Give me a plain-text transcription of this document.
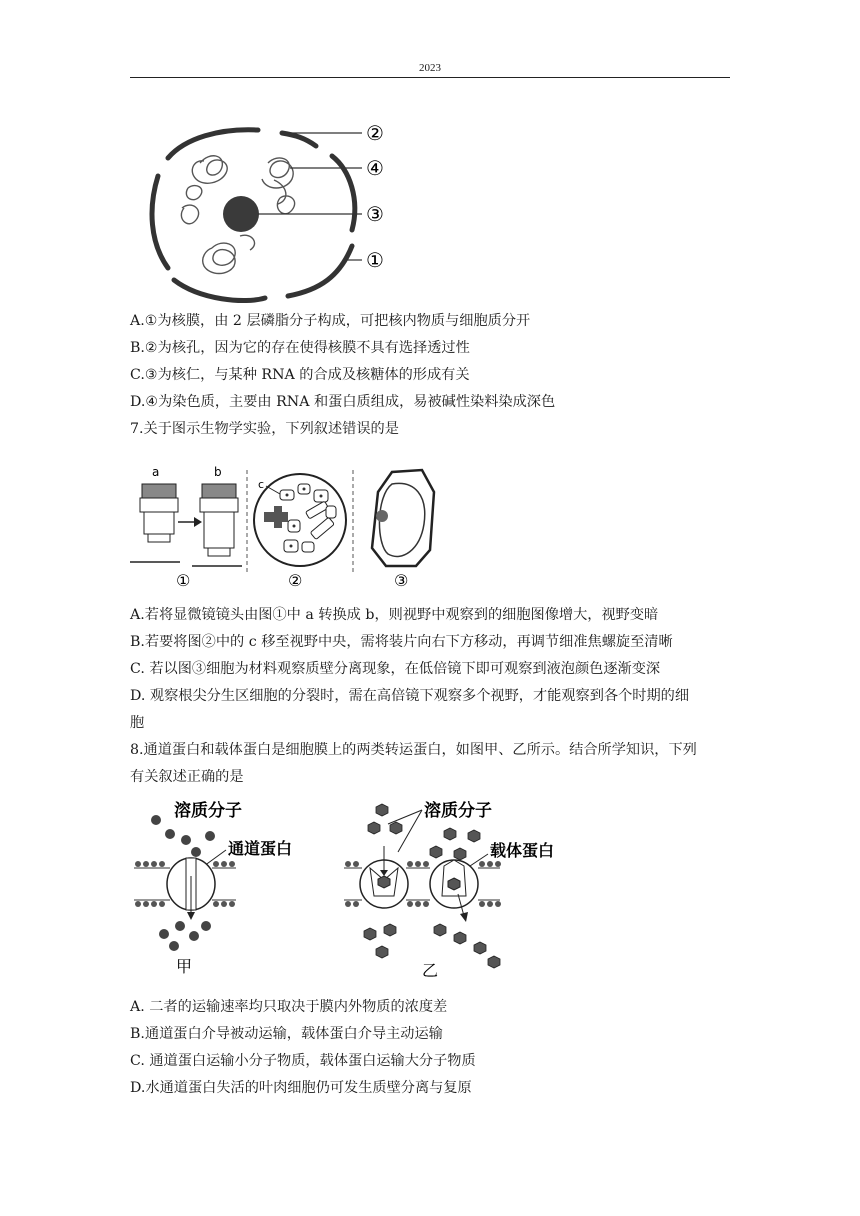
2023
②
④
③
①
A.①为核膜，由 2 层磷脂分子构成，可把核内物质与细胞质分开
B.②为核孔，因为它的存在使得核膜不具有选择透过性
C.③为核仁，与某种 RNA 的合成及核糖体的形成有关
D.④为染色质，主要由 RNA 和蛋白质组成，易被碱性染料染成深色
7.关于图示生物学实验，下列叙述错误的是
a	b
①
c
②	③
A.若将显微镜镜头由图①中 a 转换成 b，则视野中观察到的细胞图像增大，视野变暗
B.若要将图②中的 c 移至视野中央，需将装片向右下方移动，再调节细准焦螺旋至清晰
C. 若以图③细胞为材料观察质壁分离现象，在低倍镜下即可观察到液泡颜色逐渐变深
D. 观察根尖分生区细胞的分裂时，需在高倍镜下观察多个视野，才能观察到各个时期的细
胞
8.通道蛋白和载体蛋白是细胞膜上的两类转运蛋白，如图甲、乙所示。结合所学知识，下列
有关叙述正确的是
溶质分子
通道蛋白
甲
溶质分子
载体蛋白
乙
A. 二者的运输速率均只取决于膜内外物质的浓度差
B.通道蛋白介导被动运输，载体蛋白介导主动运输
C. 通道蛋白运输小分子物质，载体蛋白运输大分子物质
D.水通道蛋白失活的叶肉细胞仍可发生质壁分离与复原
